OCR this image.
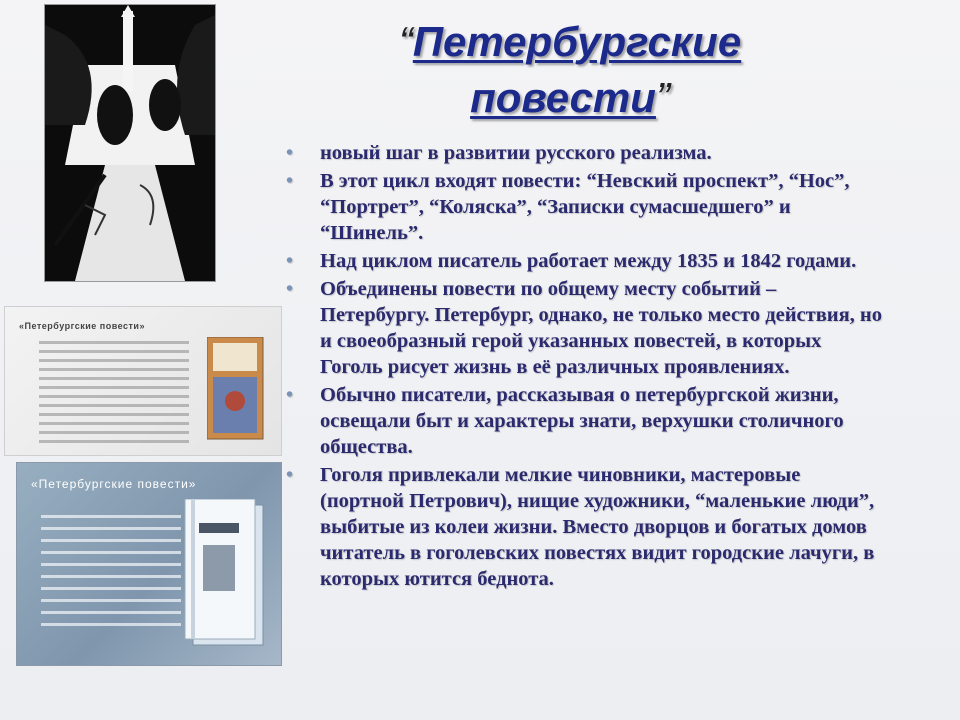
«Петербургские повести»
«Петербургские повести»
“Петербургские
повести”
• новый шаг в развитии русского реализма.
• В этот цикл входят повести: “Невский проспект”, “Нос”, “Портрет”, “Коляска”, “Записки сумасшедшего” и “Шинель”.
• Над циклом писатель работает между 1835 и 1842 годами.
• Объединены повести по общему месту событий – Петербургу. Петербург, однако, не только место действия, но и своеобразный герой указанных повестей, в которых Гоголь рисует жизнь в её различных проявлениях.
• Обычно писатели, рассказывая о петербургской жизни, освещали быт и характеры знати, верхушки столичного общества.
• Гоголя привлекали мелкие чиновники, мастеровые (портной Петрович), нищие художники, “маленькие люди”, выбитые из колеи жизни. Вместо дворцов и богатых домов читатель в гоголевских повестях видит городские лачуги, в которых ютится беднота.
